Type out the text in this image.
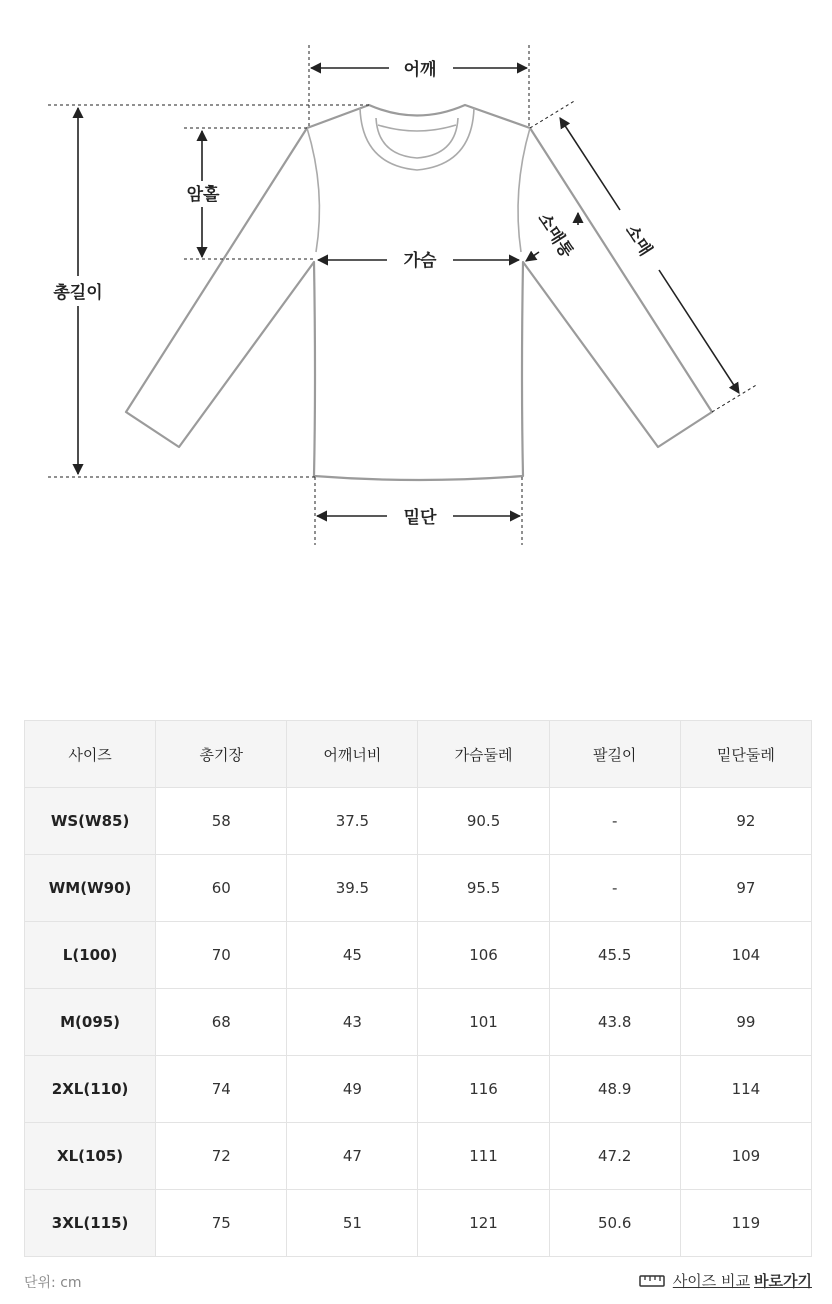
어깨
암홀
총길이
가슴
밑단
소매
소매통
사이즈	총기장	어깨너비	가슴둘레	팔길이	밑단둘레
WS(W85)	58	37.5	90.5	-	92
WM(W90)	60	39.5	95.5	-	97
L(100)	70	45	106	45.5	104
M(095)	68	43	101	43.8	99
2XL(110)	74	49	116	48.9	114
XL(105)	72	47	111	47.2	109
3XL(115)	75	51	121	50.6	119
단위: cm	사이즈 비교 바로가기
